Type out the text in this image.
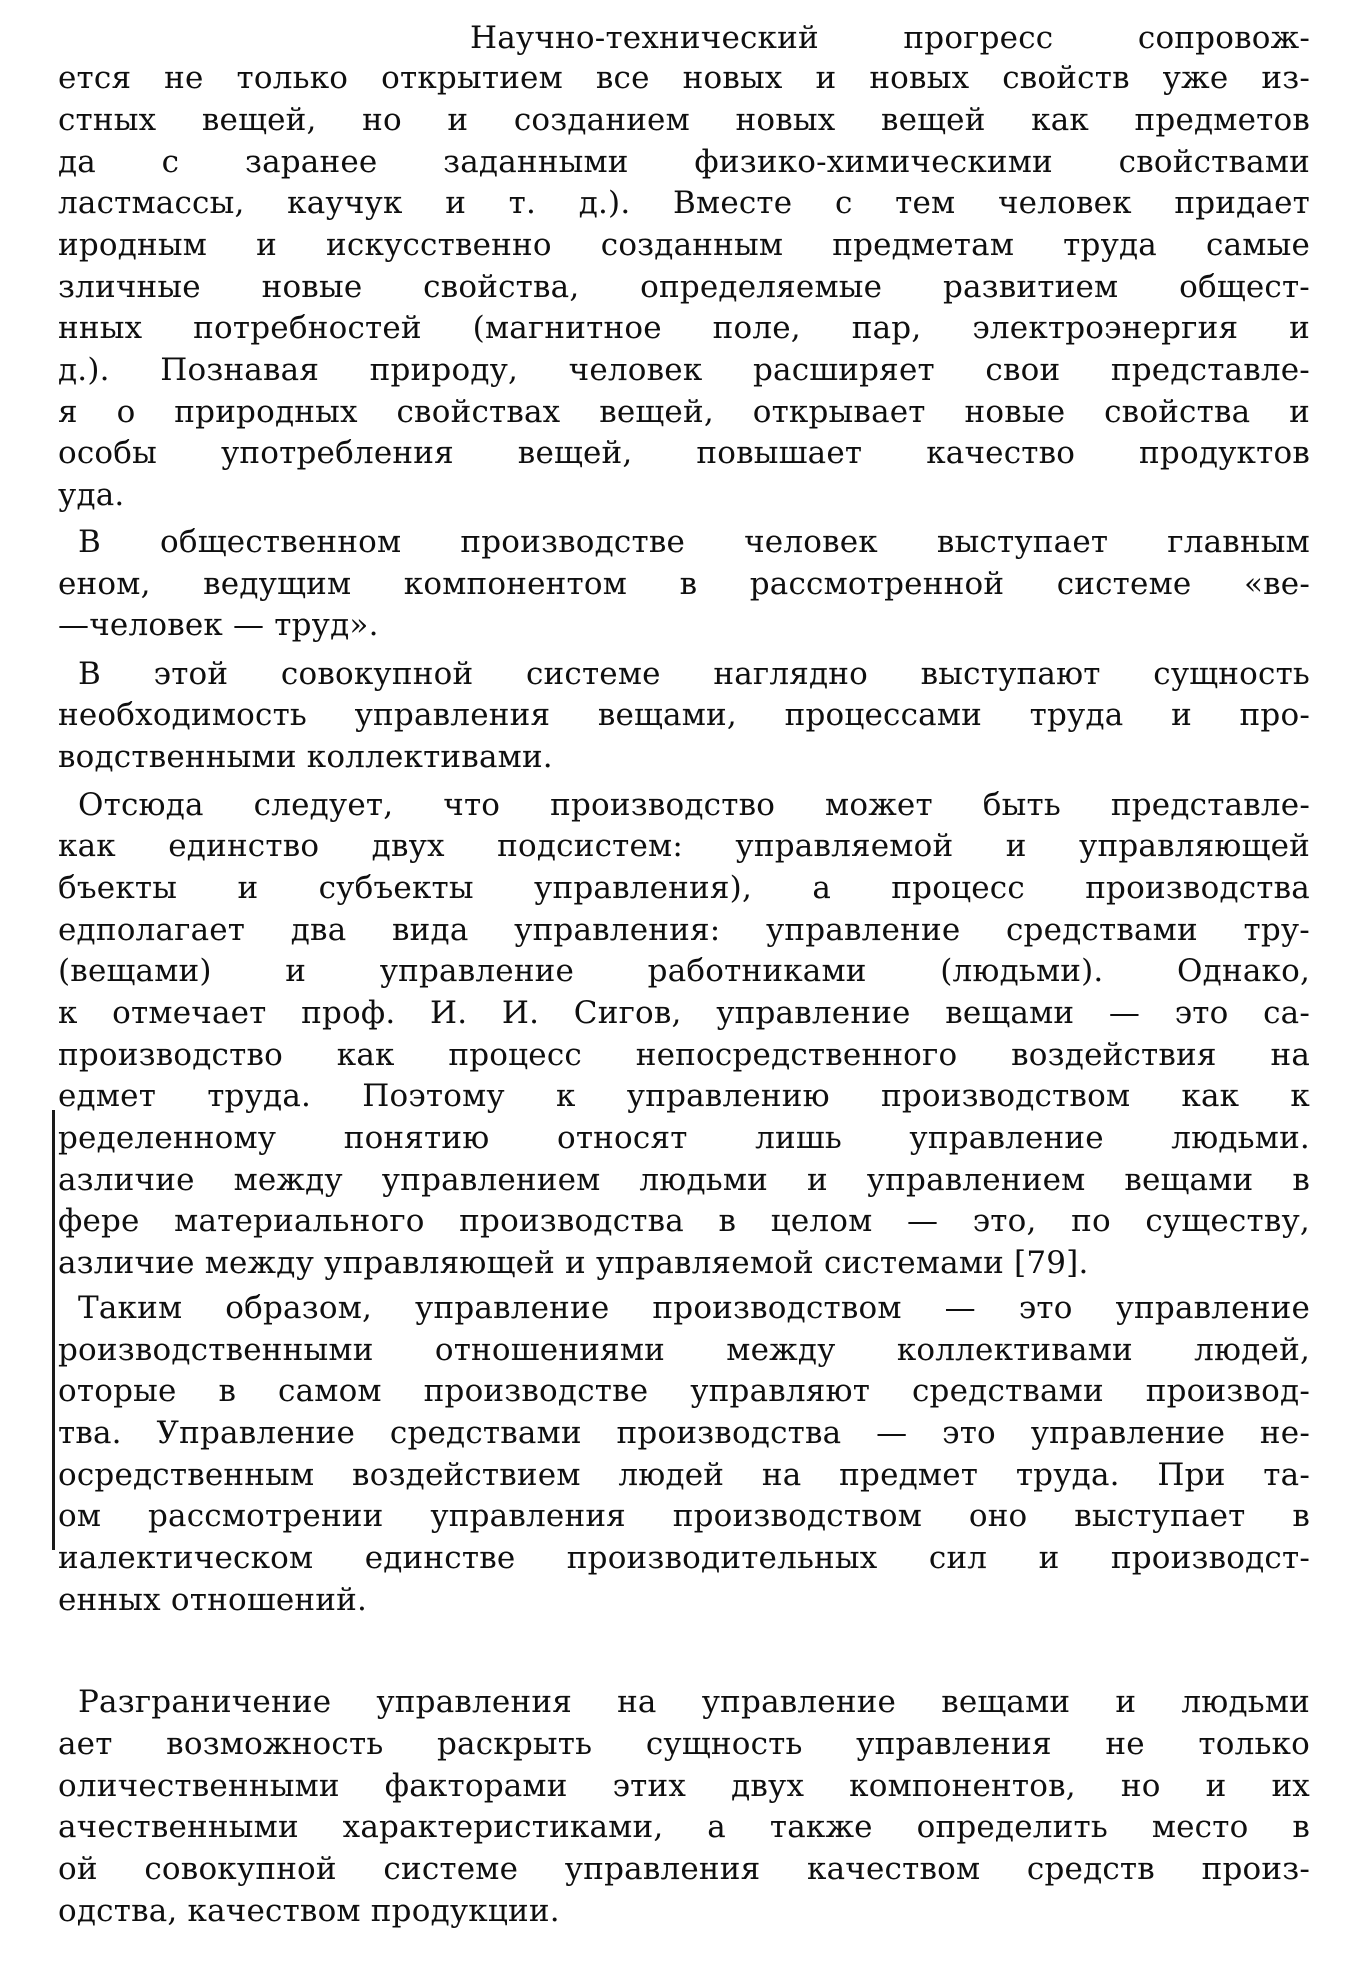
Научно-технический прогресс сопровож-
ется не только открытием все новых и новых свойств уже из-
стных вещей, но и созданием новых вещей как предметов
да с заранее заданными физико-химическими свойствами
ластмассы, каучук и т. д.). Вместе с тем человек придает
иродным и искусственно созданным предметам труда самые
зличные новые свойства, определяемые развитием общест-
нных потребностей (магнитное поле, пар, электроэнергия и
д.). Познавая природу, человек расширяет свои представле-
я о природных свойствах вещей, открывает новые свойства и
особы употребления вещей, повышает качество продуктов
уда.
В общественном производстве человек выступает главным
еном, ведущим компонентом в рассмотренной системе «ве-
—человек — труд».
В этой совокупной системе наглядно выступают сущность
необходимость управления вещами, процессами труда и про-
водственными коллективами.
Отсюда следует, что производство может быть представле-
как единство двух подсистем: управляемой и управляющей
бъекты и субъекты управления), а процесс производства
едполагает два вида управления: управление средствами тру-
(вещами) и управление работниками (людьми). Однако,
к отмечает проф. И. И. Сигов, управление вещами — это са-
производство как процесс непосредственного воздействия на
едмет труда. Поэтому к управлению производством как к
ределенному понятию относят лишь управление людьми.
азличие между управлением людьми и управлением вещами в
фере материального производства в целом — это, по существу,
азличие между управляющей и управляемой системами [79].
Таким образом, управление производством — это управление
роизводственными отношениями между коллективами людей,
оторые в самом производстве управляют средствами производ-
тва. Управление средствами производства — это управление не-
осредственным воздействием людей на предмет труда. При та-
ом рассмотрении управления производством оно выступает в
иалектическом единстве производительных сил и производст-
енных отношений.
Разграничение управления на управление вещами и людьми
ает возможность раскрыть сущность управления не только
оличественными факторами этих двух компонентов, но и их
ачественными характеристиками, а также определить место в
ой совокупной системе управления качеством средств произ-
одства, качеством продукции.
